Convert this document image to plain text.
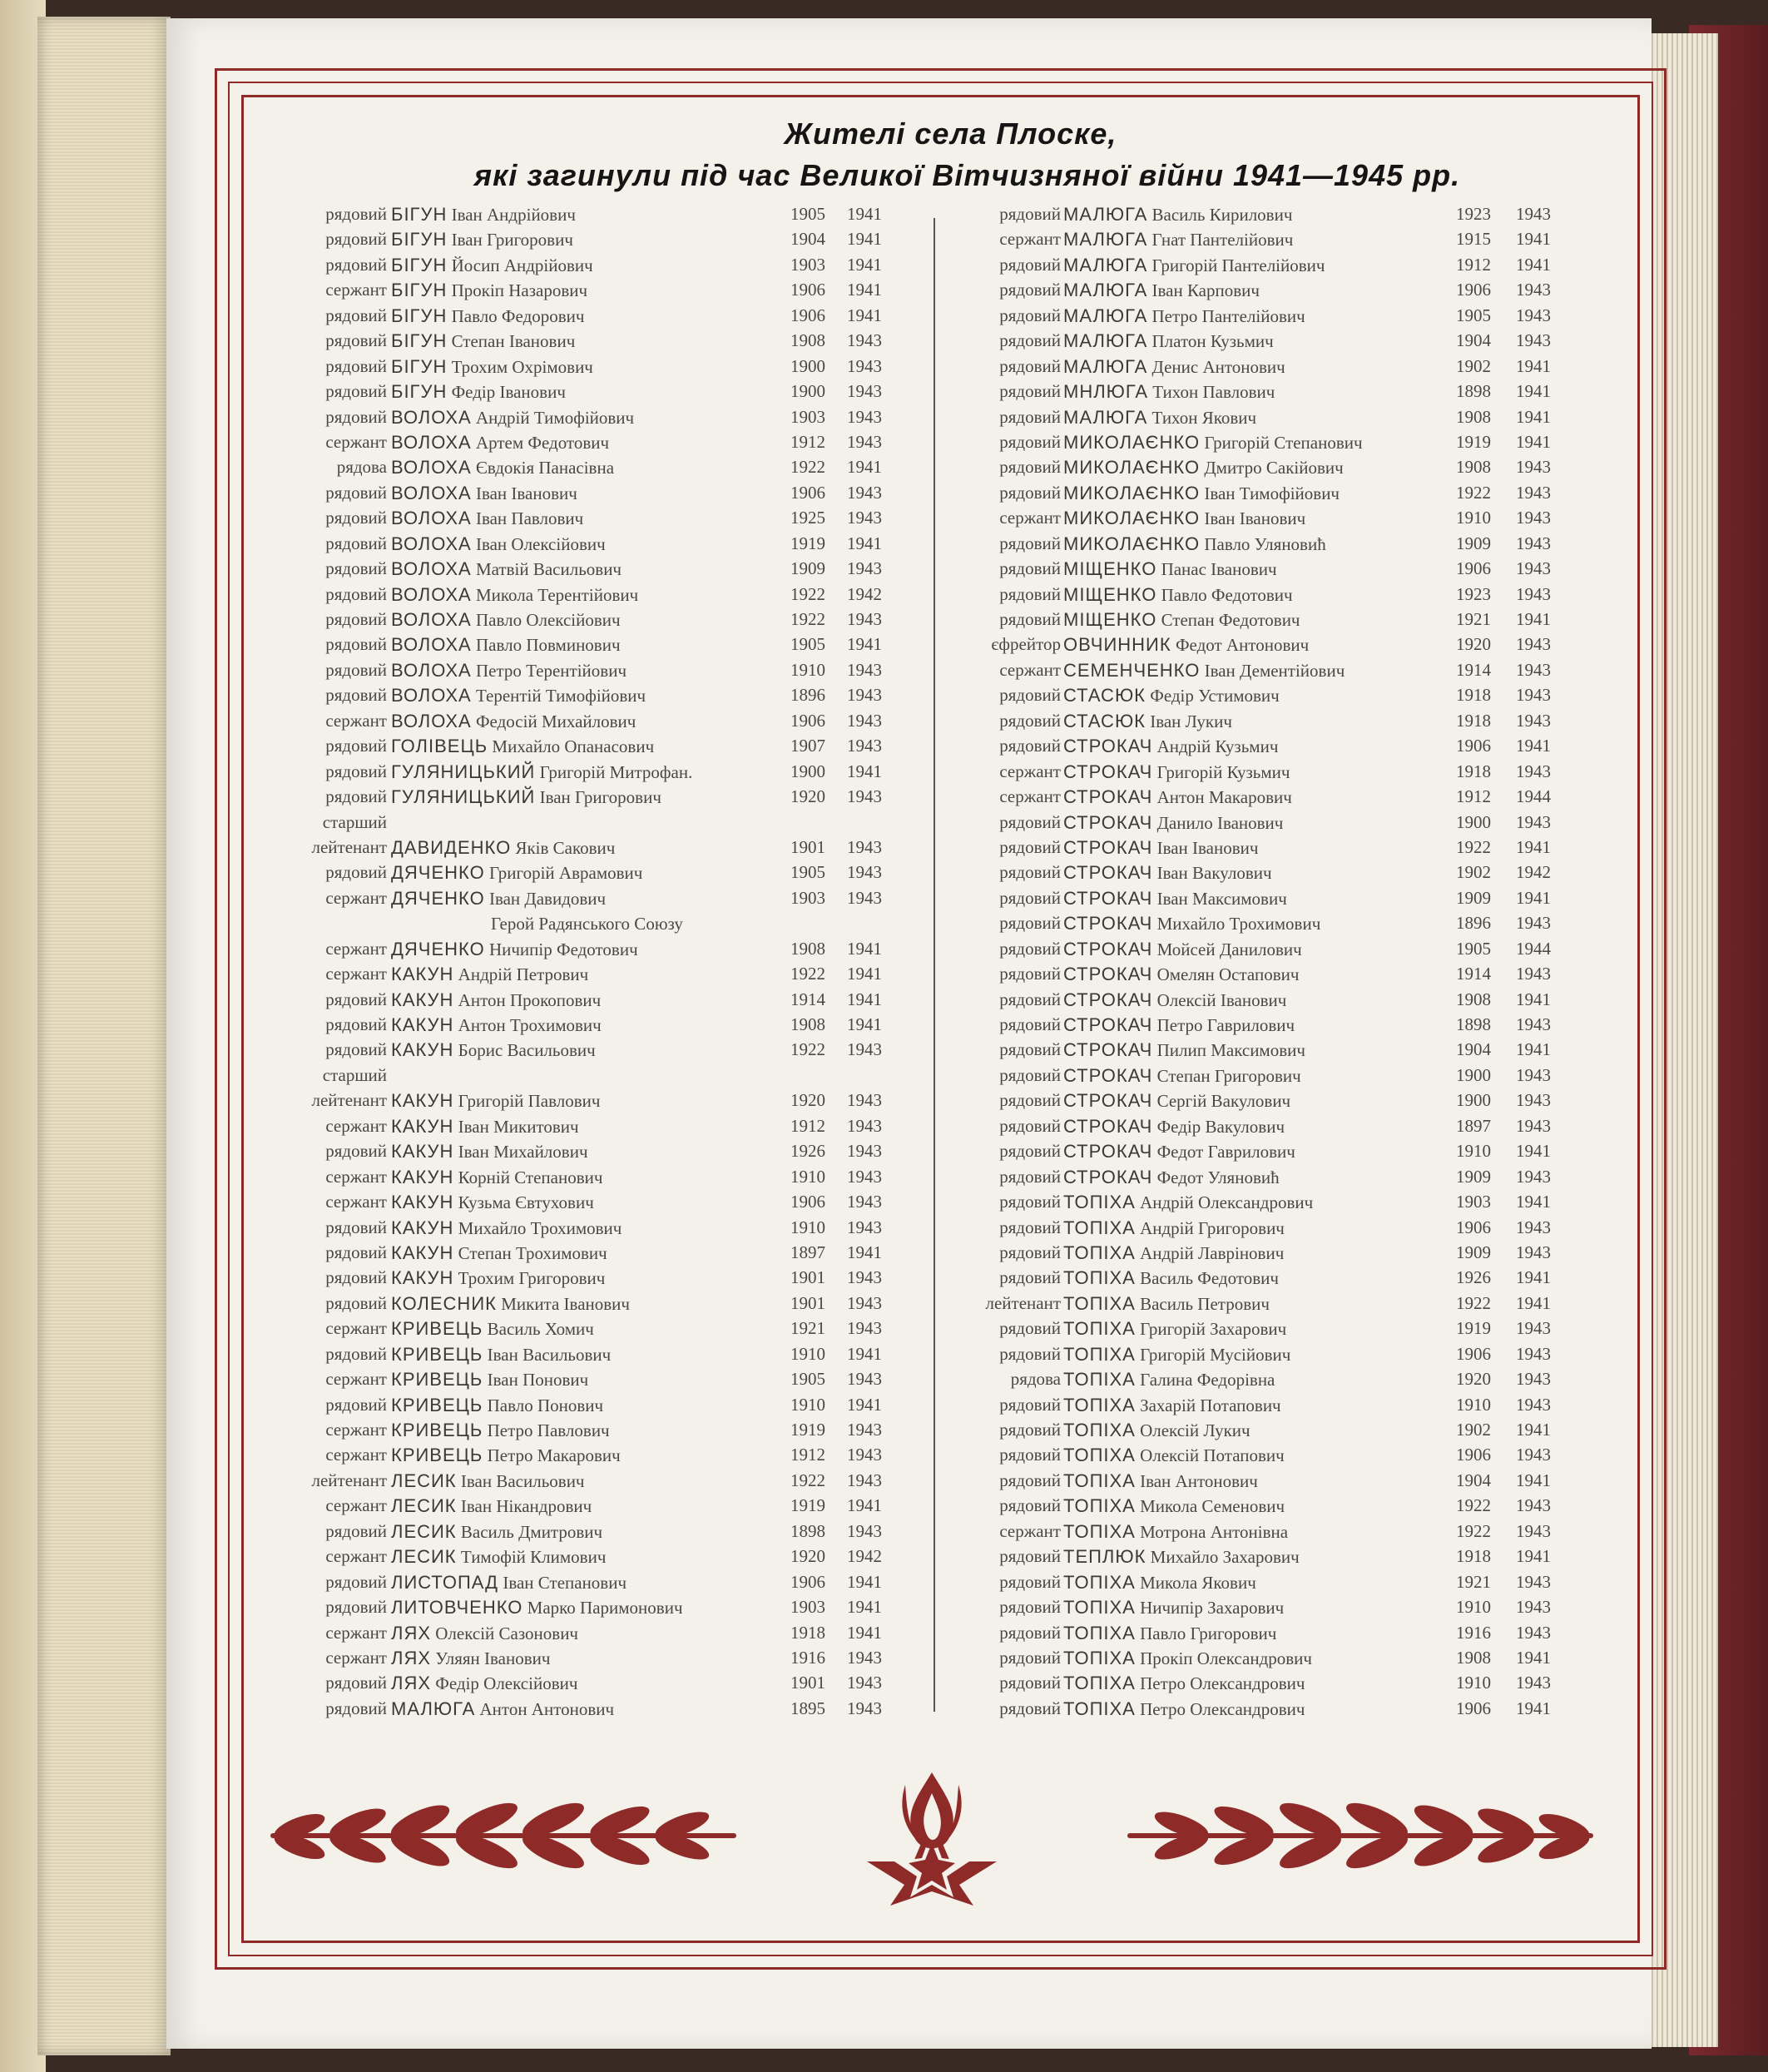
Жителі села Плоске,
які загинули під час Великої Вітчизняної війни 1941—1945 рр.
рядовий БІГУН Іван Андрійович	1905 1941
рядовий БІГУН Іван Григорович	1904 1941
рядовий БІГУН Йосип Андрійович	1903 1941
сержант БІГУН Прокіп Назарович	1906 1941
рядовий БІГУН Павло Федорович	1906 1941
рядовий БІГУН Степан Іванович	1908 1943
рядовий БІГУН Трохим Охрімович	1900 1943
рядовий БІГУН Федір Іванович	1900 1943
рядовий ВОЛОХА Андрій Тимофійович	1903 1943
сержант ВОЛОХА Артем Федотович	1912 1943
рядова ВОЛОХА Євдокія Панасівна	1922 1941
рядовий ВОЛОХА Іван Іванович	1906 1943
рядовий ВОЛОХА Іван Павлович	1925 1943
рядовий ВОЛОХА Іван Олексійович	1919 1941
рядовий ВОЛОХА Матвій Васильович	1909 1943
рядовий ВОЛОХА Микола Терентійович	1922 1942
рядовий ВОЛОХА Павло Олексійович	1922 1943
рядовий ВОЛОХА Павло Повминович	1905 1941
рядовий ВОЛОХА Петро Терентійович	1910 1943
рядовий ВОЛОХА Терентій Тимофійович	1896 1943
сержант ВОЛОХА Федосій Михайлович	1906 1943
рядовий ГОЛІВЕЦЬ Михайло Опанасович	1907 1943
рядовий ГУЛЯНИЦЬКИЙ Григорій Митрофан.	1900 1941
рядовий ГУЛЯНИЦЬКИЙ Іван Григорович	1920 1943
старший
лейтенант ДАВИДЕНКО Яків Сакович	1901 1943
рядовий ДЯЧЕНКО Григорій Аврамович	1905 1943
сержант ДЯЧЕНКО Іван Давидович	1903 1943
Герой Радянського Союзу
сержант ДЯЧЕНКО Ничипір Федотович	1908 1941
сержант КАКУН Андрій Петрович	1922 1941
рядовий КАКУН Антон Прокопович	1914 1941
рядовий КАКУН Антон Трохимович	1908 1941
рядовий КАКУН Борис Васильович	1922 1943
старший
лейтенант КАКУН Григорій Павлович	1920 1943
сержант КАКУН Іван Микитович	1912 1943
рядовий КАКУН Іван Михайлович	1926 1943
сержант КАКУН Корній Степанович	1910 1943
сержант КАКУН Кузьма Євтухович	1906 1943
рядовий КАКУН Михайло Трохимович	1910 1943
рядовий КАКУН Степан Трохимович	1897 1941
рядовий КАКУН Трохим Григорович	1901 1943
рядовий КОЛЕСНИК Микита Іванович	1901 1943
сержант КРИВЕЦЬ Василь Хомич	1921 1943
рядовий КРИВЕЦЬ Іван Васильович	1910 1941
сержант КРИВЕЦЬ Іван Понович	1905 1943
рядовий КРИВЕЦЬ Павло Понович	1910 1941
сержант КРИВЕЦЬ Петро Павлович	1919 1943
сержант КРИВЕЦЬ Петро Макарович	1912 1943
лейтенант ЛЕСИК Іван Васильович	1922 1943
сержант ЛЕСИК Іван Нікандрович	1919 1941
рядовий ЛЕСИК Василь Дмитрович	1898 1943
сержант ЛЕСИК Тимофій Климович	1920 1942
рядовий ЛИСТОПАД Іван Степанович	1906 1941
рядовий ЛИТОВЧЕНКО Марко Паримонович	1903 1941
сержант ЛЯХ Олексій Сазонович	1918 1941
сержант ЛЯХ Уляян Іванович	1916 1943
рядовий ЛЯХ Федір Олексійович	1901 1943
рядовий МАЛЮГА Антон Антонович	1895 1943
рядовий МАЛЮГА Василь Кирилович	1923 1943
сержант МАЛЮГА Гнат Пантелійович	1915 1941
рядовий МАЛЮГА Григорій Пантелійович	1912 1941
рядовий МАЛЮГА Іван Карпович	1906 1943
рядовий МАЛЮГА Петро Пантелійович	1905 1943
рядовий МАЛЮГА Платон Кузьмич	1904 1943
рядовий МАЛЮГА Денис Антонович	1902 1941
рядовий МНЛЮГА Тихон Павлович	1898 1941
рядовий МАЛЮГА Тихон Якович	1908 1941
рядовий МИКОЛАЄНКО Григорій Степанович	1919 1941
рядовий МИКОЛАЄНКО Дмитро Сакійович	1908 1943
рядовий МИКОЛАЄНКО Іван Тимофійович	1922 1943
сержант МИКОЛАЄНКО Іван Іванович	1910 1943
рядовий МИКОЛАЄНКО Павло Уляновић	1909 1943
рядовий МІЩЕНКО Панас Іванович	1906 1943
рядовий МІЩЕНКО Павло Федотович	1923 1943
рядовий МІЩЕНКО Степан Федотович	1921 1941
єфрейтор ОВЧИННИК Федот Антонович	1920 1943
сержант СЕМЕНЧЕНКО Іван Дементійович	1914 1943
рядовий СТАСЮК Федір Устимович	1918 1943
рядовий СТАСЮК Іван Лукич	1918 1943
рядовий СТРОКАЧ Андрій Кузьмич	1906 1941
сержант СТРОКАЧ Григорій Кузьмич	1918 1943
сержант СТРОКАЧ Антон Макарович	1912 1944
рядовий СТРОКАЧ Данило Іванович	1900 1943
рядовий СТРОКАЧ Іван Іванович	1922 1941
рядовий СТРОКАЧ Іван Вакулович	1902 1942
рядовий СТРОКАЧ Іван Максимович	1909 1941
рядовий СТРОКАЧ Михайло Трохимович	1896 1943
рядовий СТРОКАЧ Мойсей Данилович	1905 1944
рядовий СТРОКАЧ Омелян Остапович	1914 1943
рядовий СТРОКАЧ Олексій Іванович	1908 1941
рядовий СТРОКАЧ Петро Гаврилович	1898 1943
рядовий СТРОКАЧ Пилип Максимович	1904 1941
рядовий СТРОКАЧ Степан Григорович	1900 1943
рядовий СТРОКАЧ Сергій Вакулович	1900 1943
рядовий СТРОКАЧ Федір Вакулович	1897 1943
рядовий СТРОКАЧ Федот Гаврилович	1910 1941
рядовий СТРОКАЧ Федот Уляновић	1909 1943
рядовий ТОПІХА Андрій Олександрович	1903 1941
рядовий ТОПІХА Андрій Григорович	1906 1943
рядовий ТОПІХА Андрій Лаврінович	1909 1943
рядовий ТОПІХА Василь Федотович	1926 1941
лейтенант ТОПІХА Василь Петрович	1922 1941
рядовий ТОПІХА Григорій Захарович	1919 1943
рядовий ТОПІХА Григорій Мусійович	1906 1943
рядова ТОПІХА Галина Федорівна	1920 1943
рядовий ТОПІХА Захарій Потапович	1910 1943
рядовий ТОПІХА Олексій Лукич	1902 1941
рядовий ТОПІХА Олексій Потапович	1906 1943
рядовий ТОПІХА Іван Антонович	1904 1941
рядовий ТОПІХА Микола Семенович	1922 1943
сержант ТОПІХА Мотрона Антонівна	1922 1943
рядовий ТЕПЛЮК Михайло Захарович	1918 1941
рядовий ТОПІХА Микола Якович	1921 1943
рядовий ТОПІХА Ничипір Захарович	1910 1943
рядовий ТОПІХА Павло Григорович	1916 1943
рядовий ТОПІХА Прокіп Олександрович	1908 1941
рядовий ТОПІХА Петро Олександрович	1910 1943
рядовий ТОПІХА Петро Олександрович	1906 1941
